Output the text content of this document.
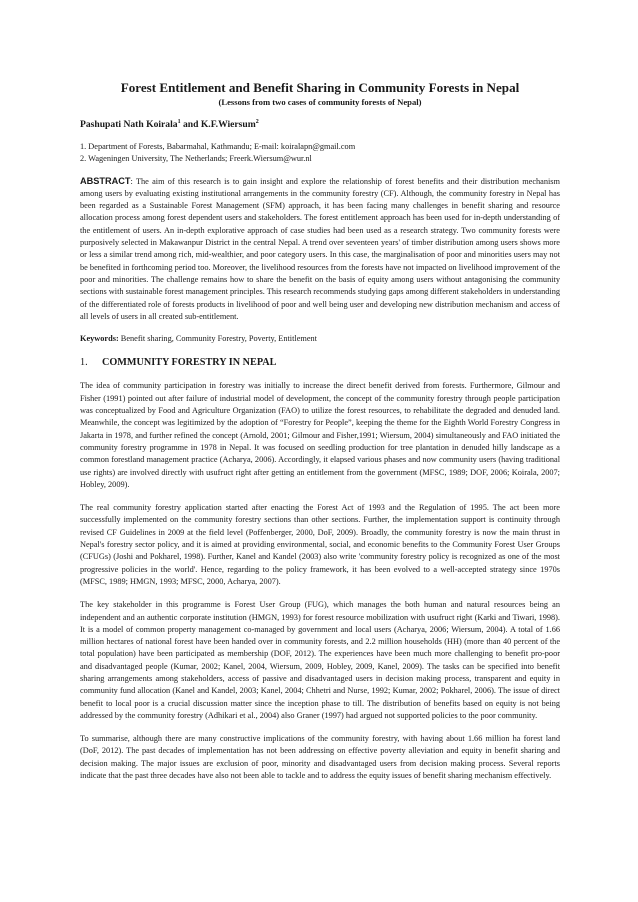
Forest Entitlement and Benefit Sharing in Community Forests in Nepal
(Lessons from two cases of community forests of Nepal)
Pashupati Nath Koirala$^1$ and K.F.Wiersum$^2$

1. Department of Forests, Babarmahal, Kathmandu; E-mail: koiralapn@gmail.com

2. Wageningen University, The Netherlands; Freerk.Wiersum@wur.nl

ABSTRACT: The aim of this research is to gain insight and explore the relationship of forest benefits and their distribution mechanism among users by evaluating existing institutional arrangements in the community forestry (CF). Although, the community forestry in Nepal has been regarded as a Sustainable Forest Management (SFM) approach, it has been facing many challenges in benefit sharing and resource allocation process among forest dependent users and stakeholders. The forest entitlement approach has been used for in-depth understanding of the entitlement of users. An in-depth explorative approach of case studies had been used as a research strategy. Two community forests were purposively selected in Makawanpur District in the central Nepal. A trend over seventeen years' of timber distribution among users shows more or less a similar trend among rich, mid-wealthier, and poor category users. In this case, the marginalisation of poor and minorities users may not be benefited in forthcoming period too. Moreover, the livelihood resources from the forests have not impacted on livelihood improvement of the poor and minorities. The challenge remains how to share the benefit on the basis of equity among users without antagonising the community sections with sustainable forest management principles. This research recommends studying gaps among different stakeholders in understanding of the differentiated role of forests products in livelihood of poor and well being user and developing new distribution mechanism and access of all levels of users in all created sub-entitlement.

Keywords: Benefit sharing, Community Forestry, Poverty, Entitlement

1. COMMUNITY FORESTRY IN NEPAL

The idea of community participation in forestry was initially to increase the direct benefit derived from forests. Furthermore, Gilmour and Fisher (1991) pointed out after failure of industrial model of development, the concept of the community forestry through people participation was conceptualized by Food and Agriculture Organization (FAO) to utilize the forest resources, to rehabilitate the degraded and denuded land. Meanwhile, the concept was legitimized by the adoption of “Forestry for People”, keeping the theme for the Eighth World Forestry Congress in Jakarta in 1978, and further refined the concept (Arnold, 2001; Gilmour and Fisher,1991; Wiersum, 2004) simultaneously and FAO initiated the community forestry programme in 1978 in Nepal. It was focused on seedling production for tree plantation in denuded hilly landscape as a common forestland management practice (Acharya, 2006). Accordingly, it elapsed various phases and now community users (having traditional use rights) are involved directly with usufruct right after getting an entitlement from the government (MFSC, 1989; DOF, 2006; Koirala, 2007; Hobley, 2009).

The real community forestry application started after enacting the Forest Act of 1993 and the Regulation of 1995. The act been more successfully implemented on the community forestry sections than other sections. Further, the implementation support is continuity through revised CF Guidelines in 2009 at the field level (Poffenberger, 2000, DoF, 2009). Broadly, the community forestry is now the main thrust in Nepal's forestry sector policy, and it is aimed at providing environmental, social, and economic benefits to the Community Forest User Groups (CFUGs) (Joshi and Pokharel, 1998). Further, Kanel and Kandel (2003) also write 'community forestry policy is recognized as one of the most progressive policies in the world'. Hence, regarding to the policy framework, it has been evolved to a well-accepted strategy since 1970s (MFSC, 1989; HMGN, 1993; MFSC, 2000, Acharya, 2007).

The key stakeholder in this programme is Forest User Group (FUG), which manages the both human and natural resources being an independent and an authentic corporate institution (HMGN, 1993) for forest resource mobilization with usufruct right (Karki and Tiwari, 1998). It is a model of common property management co-managed by government and local users (Acharya, 2006; Wiersum, 2004). A total of 1.66 million hectares of national forest have been handed over in community forests, and 2.2 million households (HH) (more than 40 percent of the total population) have been participated as membership (DOF, 2012). The experiences have been much more challenging to benefit pro-poor and disadvantaged people (Kumar, 2002; Kanel, 2004, Wiersum, 2009, Hobley, 2009, Kanel, 2009). The tasks can be specified into benefit sharing arrangements among stakeholders, access of passive and disadvantaged users in decision making process, transparent and equity in community fund allocation (Kanel and Kandel, 2003; Kanel, 2004; Chhetri and Nurse, 1992; Kumar, 2002; Pokharel, 2006). The issue of direct benefit to local poor is a crucial discussion matter since the inception phase to till. The distribution of benefits based on equity is not being addressed by the community forestry (Adhikari et al., 2004) also Graner (1997) had argued not supported policies to the poor community.

To summarise, although there are many constructive implications of the community forestry, with having about 1.66 million ha forest land (DoF, 2012). The past decades of implementation has not been addressing on effective poverty alleviation and equity in benefit sharing and decision making. The major issues are exclusion of poor, minority and disadvantaged users from decision making process. Several reports indicate that the past three decades have also not been able to tackle and to address the equity issues of benefit sharing mechanism effectively.
